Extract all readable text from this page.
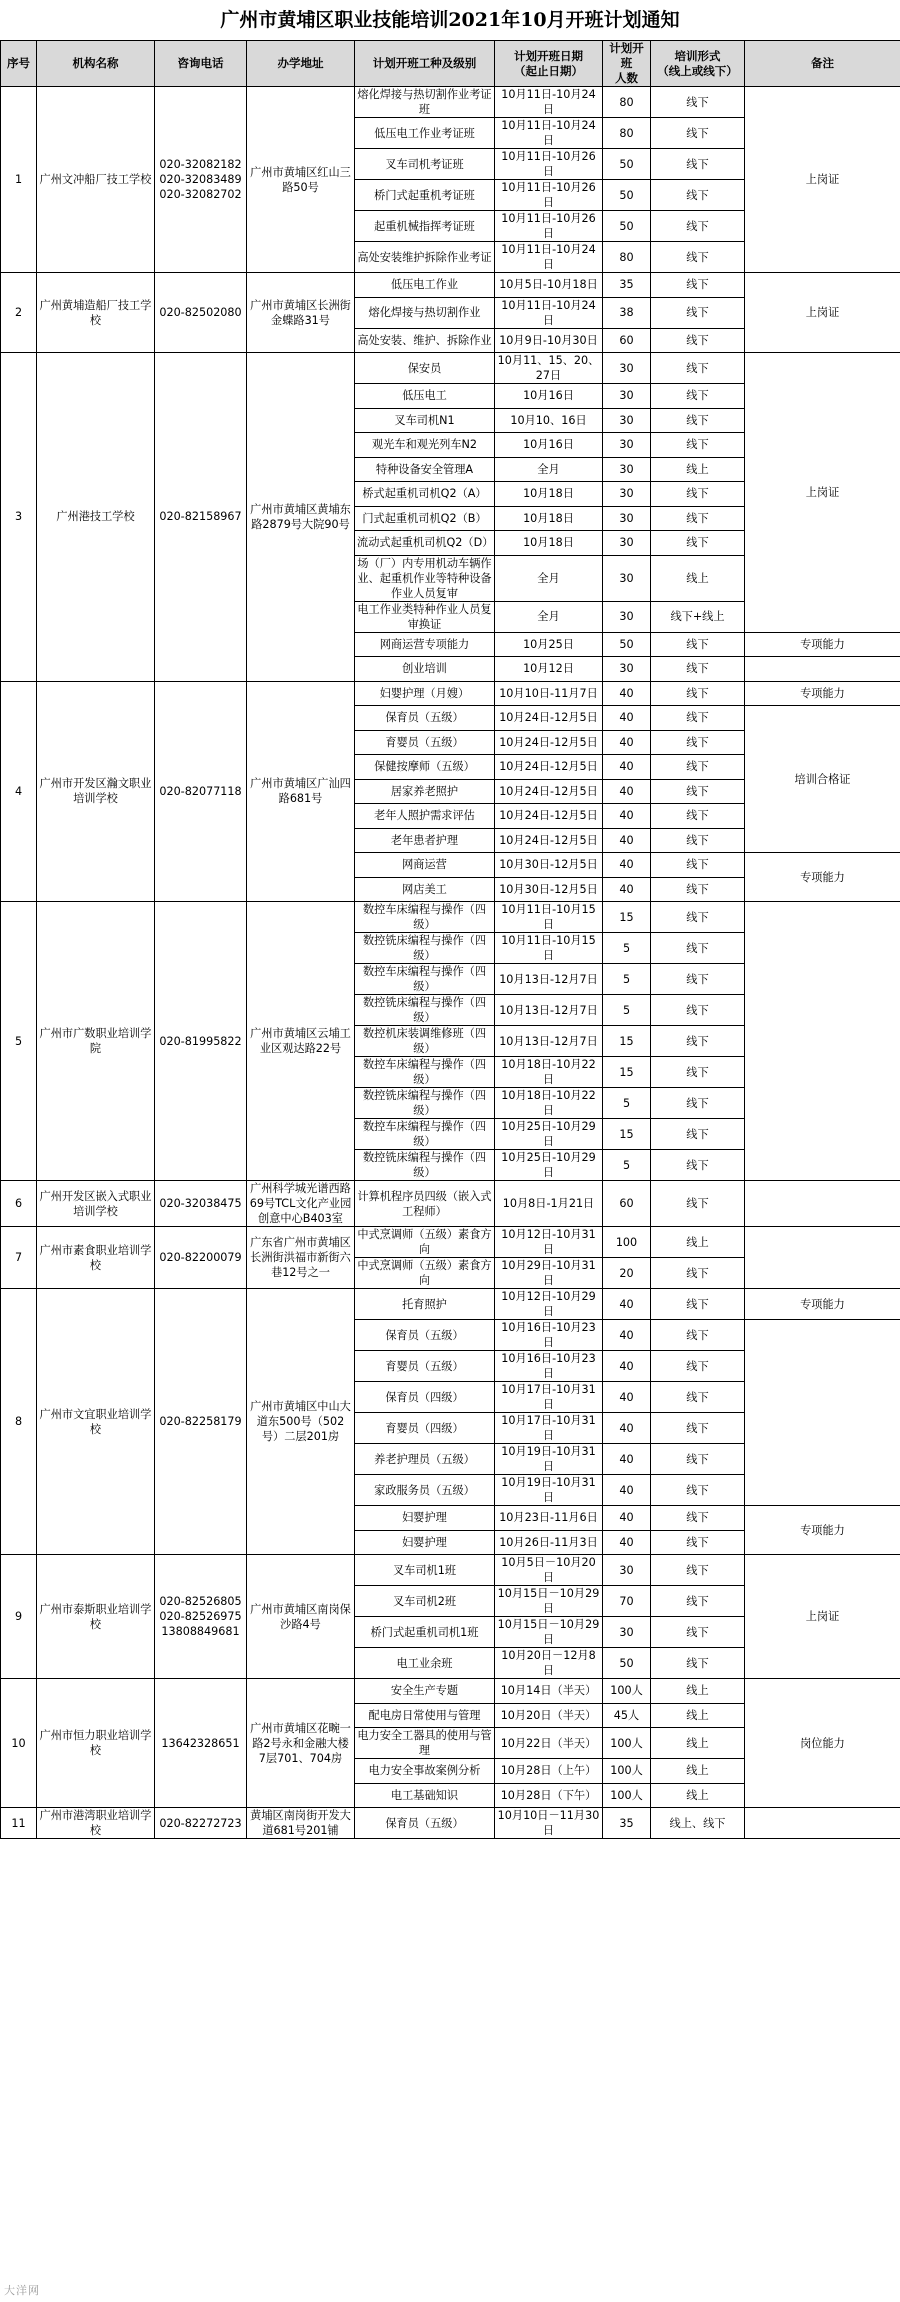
广州市黄埔区职业技能培训2021年10月开班计划通知
序号	机构名称	咨询电话	办学地址	计划开班工种及级别	计划开班日期
（起止日期）	计划开班
人数	培训形式
（线上或线下）	备注
1	广州文冲船厂技工学校	020-32082182
020-32083489
020-32082702	广州市黄埔区红山三路50号	熔化焊接与热切割作业考证班	10月11日-10月24日	80	线下	上岗证
				低压电工作业考证班	10月11日-10月24日	80	线下	
				叉车司机考证班	10月11日-10月26日	50	线下	
				桥门式起重机考证班	10月11日-10月26日	50	线下	
				起重机械指挥考证班	10月11日-10月26日	50	线下	
				高处安装维护拆除作业考证	10月11日-10月24日	80	线下	
2	广州黄埔造船厂技工学校	020-82502080	广州市黄埔区长洲街金蝶路31号	低压电工作业	10月5日-10月18日	35	线下	上岗证
				熔化焊接与热切割作业	10月11日-10月24日	38	线下	
				高处安装、维护、拆除作业	10月9日-10月30日	60	线下	
3	广州港技工学校	020-82158967	广州市黄埔区黄埔东路2879号大院90号	保安员	10月11、15、20、27日	30	线下	上岗证
				低压电工	10月16日	30	线下	
				叉车司机N1	10月10、16日	30	线下	
				观光车和观光列车N2	10月16日	30	线下	
				特种设备安全管理A	全月	30	线上	
				桥式起重机司机Q2（A）	10月18日	30	线下	
				门式起重机司机Q2（B）	10月18日	30	线下	
				流动式起重机司机Q2（D）	10月18日	30	线下	
				场（厂）内专用机动车辆作业、起重机作业等特种设备作业人员复审	全月	30	线上	
				电工作业类特种作业人员复审换证	全月	30	线下+线上	
				网商运营专项能力	10月25日	50	线下	专项能力
				创业培训	10月12日	30	线下	
4	广州市开发区瀚文职业培训学校	020-82077118	广州市黄埔区广汕四路681号	妇婴护理（月嫂）	10月10日-11月7日	40	线下	专项能力
				保育员（五级）	10月24日-12月5日	40	线下	培训合格证
				育婴员（五级）	10月24日-12月5日	40	线下	
				保健按摩师（五级）	10月24日-12月5日	40	线下	
				居家养老照护	10月24日-12月5日	40	线下	
				老年人照护需求评估	10月24日-12月5日	40	线下	
				老年患者护理	10月24日-12月5日	40	线下	
				网商运营	10月30日-12月5日	40	线下	专项能力
				网店美工	10月30日-12月5日	40	线下	
5	广州市广数职业培训学院	020-81995822	广州市黄埔区云埔工业区观达路22号	数控车床编程与操作（四级）	10月11日-10月15日	15	线下	
				数控铣床编程与操作（四级）	10月11日-10月15日	5	线下	
				数控车床编程与操作（四级）	10月13日-12月7日	5	线下	
				数控铣床编程与操作（四级）	10月13日-12月7日	5	线下	
				数控机床装调维修班（四级）	10月13日-12月7日	15	线下	
				数控车床编程与操作（四级）	10月18日-10月22日	15	线下	
				数控铣床编程与操作（四级）	10月18日-10月22日	5	线下	
				数控车床编程与操作（四级）	10月25日-10月29日	15	线下	
				数控铣床编程与操作（四级）	10月25日-10月29日	5	线下	
6	广州开发区嵌入式职业培训学校	020-32038475	广州科学城光谱西路69号TCL文化产业园创意中心B403室	计算机程序员四级（嵌入式工程师）	10月8日-1月21日	60	线下	
7	广州市素食职业培训学校	020-82200079	广东省广州市黄埔区长洲街洪福市新街六巷12号之一	中式烹调师（五级）素食方向	10月12日-10月31日	100	线上	
				中式烹调师（五级）素食方向	10月29日-10月31日	20	线下	
8	广州市文宜职业培训学校	020-82258179	广州市黄埔区中山大道东500号（502号）二层201房	托育照护	10月12日-10月29日	40	线下	专项能力
				保育员（五级）	10月16日-10月23日	40	线下	
				育婴员（五级）	10月16日-10月23日	40	线下	
				保育员（四级）	10月17日-10月31日	40	线下	
				育婴员（四级）	10月17日-10月31日	40	线下	
				养老护理员（五级）	10月19日-10月31日	40	线下	
				家政服务员（五级）	10月19日-10月31日	40	线下	
				妇婴护理	10月23日-11月6日	40	线下	专项能力
				妇婴护理	10月26日-11月3日	40	线下	
9	广州市泰斯职业培训学校	020-82526805
020-82526975
13808849681	广州市黄埔区南岗保沙路4号	叉车司机1班	10月5日－10月20日	30	线下	上岗证
				叉车司机2班	10月15日－10月29日	70	线下	
				桥门式起重机司机1班	10月15日－10月29日	30	线下	
				电工业余班	10月20日－12月8日	50	线下	
10	广州市恒力职业培训学校	13642328651	广州市黄埔区花畹一路2号永和金融大楼7层701、704房	安全生产专题	10月14日（半天）	100人	线上	岗位能力
				配电房日常使用与管理	10月20日（半天）	45人	线上	
				电力安全工器具的使用与管理	10月22日（半天）	100人	线上	
				电力安全事故案例分析	10月28日（上午）	100人	线上	
				电工基础知识	10月28日（下午）	100人	线上	
11	广州市港湾职业培训学校	020-82272723	黄埔区南岗街开发大道681号201铺	保育员（五级）	10月10日－11月30日	35	线上、线下	
大洋网
